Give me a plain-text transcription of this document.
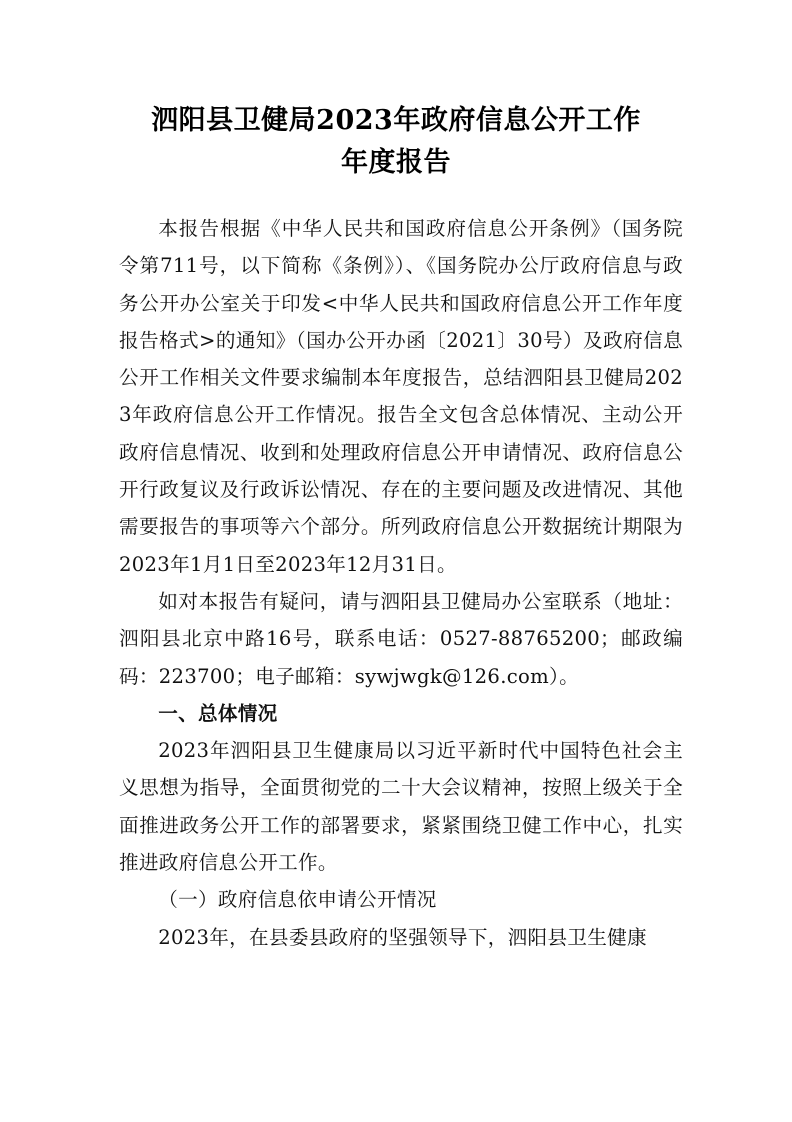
泗阳县卫健局2023年政府信息公开工作
年度报告

本报告根据《中华人民共和国政府信息公开条例》（国务院令第711号，以下简称《条例》）、《国务院办公厅政府信息与政务公开办公室关于印发<中华人民共和国政府信息公开工作年度报告格式>的通知》（国办公开办函〔2021〕30号）及政府信息公开工作相关文件要求编制本年度报告，总结泗阳县卫健局2023年政府信息公开工作情况。报告全文包含总体情况、主动公开政府信息情况、收到和处理政府信息公开申请情况、政府信息公开行政复议及行政诉讼情况、存在的主要问题及改进情况、其他需要报告的事项等六个部分。所列政府信息公开数据统计期限为2023年1月1日至2023年12月31日。

如对本报告有疑问，请与泗阳县卫健局办公室联系（地址：泗阳县北京中路16号，联系电话：0527-88765200；邮政编码：223700；电子邮箱：sywjwgk@126.com）。

一、总体情况

2023年泗阳县卫生健康局以习近平新时代中国特色社会主义思想为指导，全面贯彻党的二十大会议精神，按照上级关于全面推进政务公开工作的部署要求，紧紧围绕卫健工作中心，扎实推进政府信息公开工作。

（一）政府信息依申请公开情况

2023年，在县委县政府的坚强领导下，泗阳县卫生健康
